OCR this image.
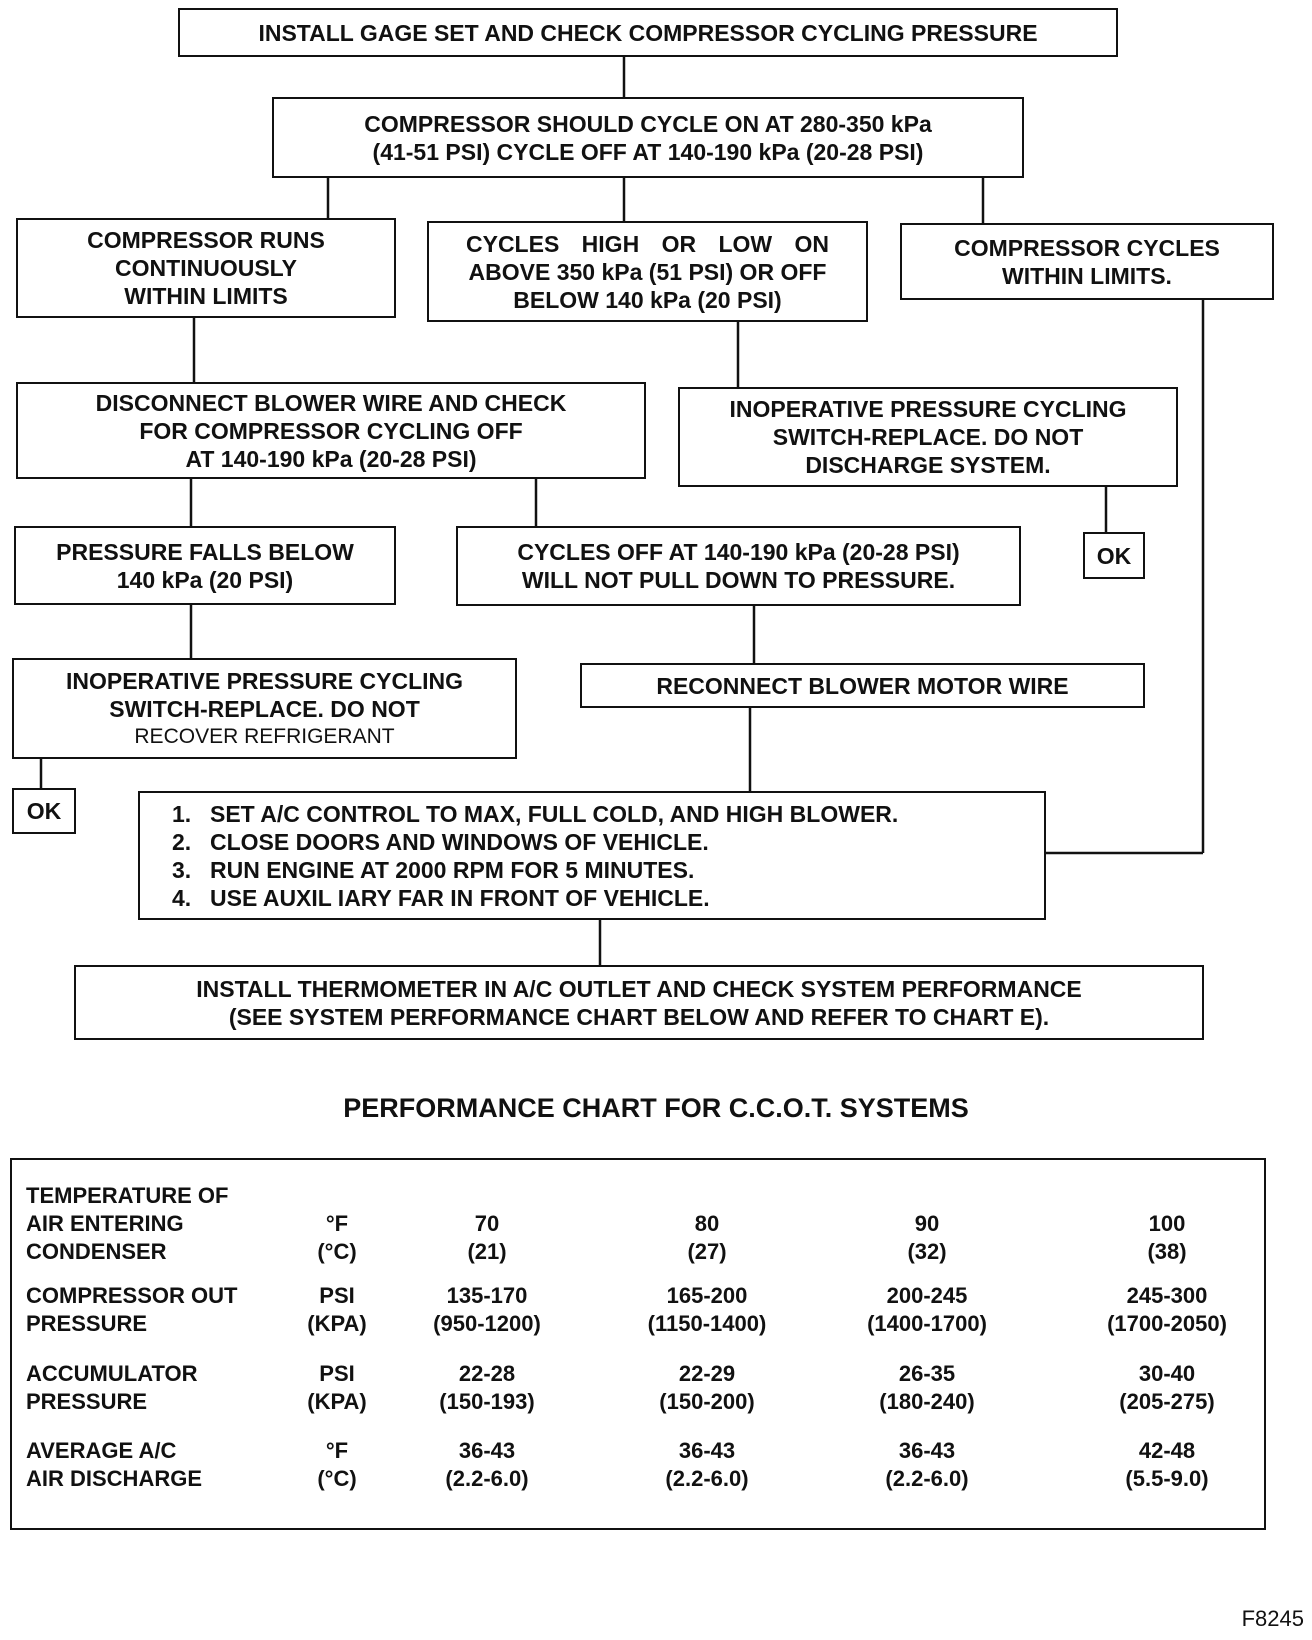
INSTALL GAGE SET AND CHECK COMPRESSOR CYCLING PRESSURE
COMPRESSOR SHOULD CYCLE ON AT 280-350 kPa
(41-51 PSI) CYCLE OFF AT 140-190 kPa (20-28 PSI)
COMPRESSOR RUNS
CONTINUOUSLY
WITHIN LIMITS
CYCLES HIGH OR LOW ON
ABOVE 350 kPa (51 PSI) OR OFF
BELOW 140 kPa (20 PSI)
COMPRESSOR CYCLES
WITHIN LIMITS.
DISCONNECT BLOWER WIRE AND CHECK
FOR COMPRESSOR CYCLING OFF
AT 140-190 kPa (20-28 PSI)
INOPERATIVE PRESSURE CYCLING
SWITCH-REPLACE. DO NOT
DISCHARGE SYSTEM.
OK
PRESSURE FALLS BELOW
140 kPa (20 PSI)
CYCLES OFF AT 140-190 kPa (20-28 PSI)
WILL NOT PULL DOWN TO PRESSURE.
INOPERATIVE PRESSURE CYCLING
SWITCH-REPLACE. DO NOT
RECOVER REFRIGERANT
RECONNECT BLOWER MOTOR WIRE
OK	1. SET A/C CONTROL TO MAX, FULL COLD, AND HIGH BLOWER.
2. CLOSE DOORS AND WINDOWS OF VEHICLE.
3. RUN ENGINE AT 2000 RPM FOR 5 MINUTES.
4. USE AUXIL IARY FAR IN FRONT OF VEHICLE.
INSTALL THERMOMETER IN A/C OUTLET AND CHECK SYSTEM PERFORMANCE
(SEE SYSTEM PERFORMANCE CHART BELOW AND REFER TO CHART E).
PERFORMANCE CHART FOR C.C.O.T. SYSTEMS
TEMPERATURE OF
AIR ENTERING
CONDENSER
°F
(°C)
70
(21)
80
(27)
90
(32)
100
(38)
COMPRESSOR OUT
PRESSURE
PSI
(KPA)
135-170
(950-1200)
165-200
(1150-1400)
200-245
(1400-1700)
245-300
(1700-2050)
ACCUMULATOR
PRESSURE
PSI
(KPA)
22-28
(150-193)
22-29
(150-200)
26-35
(180-240)
30-40
(205-275)
AVERAGE A/C
AIR DISCHARGE
°F
(°C)
36-43
(2.2-6.0)
36-43
(2.2-6.0)
36-43
(2.2-6.0)
42-48
(5.5-9.0)
F8245
